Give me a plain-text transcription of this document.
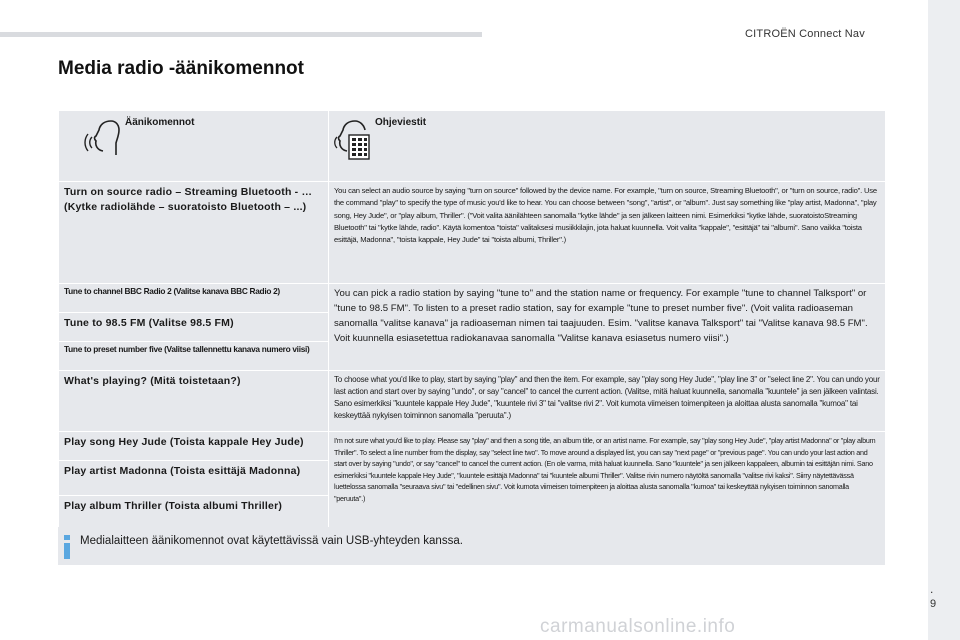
CITROËN Connect Nav
Media radio -äänikomennot
Äänikomennot	Ohjeviestit

Turn on source radio – Streaming Bluetooth - … (Kytke radiolähde – suoratoisto Bluetooth – ...)	You can select an audio source by saying "turn on source" followed by the device name. For example, "turn on source, Streaming Bluetooth", or "turn on source, radio". Use the command "play" to specify the type of music you'd like to hear. You can choose between "song", "artist", or "album". Just say something like "play artist, Madonna", "play song, Hey Jude", or "play album, Thriller". ("Voit valita äänilähteen sanomalla "kytke lähde" ja sen jälkeen laitteen nimi. Esimerkiksi "kytke lähde, suoratoistoStreaming Bluetooth" tai "kytke lähde, radio". Käytä komentoa "toista" valitaksesi musiikkilajin, jota haluat kuunnella. Voit valita "kappale", "esittäjä" tai "albumi". Sano vaikka "toista esittäjä, Madonna", "toista kappale, Hey Jude" tai "toista albumi, Thriller".)
Tune to channel BBC Radio 2 (Valitse kanava BBC Radio 2)	You can pick a radio station by saying "tune to" and the station name or frequency. For example "tune to channel Talksport" or "tune to 98.5 FM". To listen to a preset radio station, say for example "tune to preset number five". (Voit valita radioaseman sanomalla "valitse kanava" ja radioaseman nimen tai taajuuden. Esim. "valitse kanava Talksport" tai "Valitse kanava 98.5 FM". Voit kuunnella esiasetettua radiokanavaa sanomalla "Valitse kanava esiasetus numero viisi".)
Tune to 98.5 FM (Valitse 98.5 FM)	
Tune to preset number five (Valitse tallennettu kanava numero viisi)	
What's playing? (Mitä toistetaan?)	To choose what you'd like to play, start by saying "play" and then the item. For example, say "play song Hey Jude", "play line 3" or "select line 2". You can undo your last action and start over by saying "undo", or say "cancel" to cancel the current action. (Valitse, mitä haluat kuunnella, sanomalla "kuuntele" ja sen jälkeen valintasi. Sano esimerkiksi "kuuntele kappale Hey Jude", "kuuntele rivi 3" tai "valitse rivi 2". Voit kumota viimeisen toimenpiteen ja aloittaa alusta sanomalla "kumoa" tai keskeyttää nykyisen toiminnon sanomalla "peruuta".)
Play song Hey Jude (Toista kappale Hey Jude)	I'm not sure what you'd like to play. Please say "play" and then a song title, an album title, or an artist name. For example, say "play song Hey Jude", "play artist Madonna" or "play album Thriller". To select a line number from the display, say "select line two". To move around a displayed list, you can say "next page" or "previous page". You can undo your last action and start over by saying "undo", or say "cancel" to cancel the current action. (En ole varma, mitä haluat kuunnella. Sano "kuuntele" ja sen jälkeen kappaleen, albumin tai esittäjän nimi. Sano esimerkiksi "kuuntele kappale Hey Jude", "kuuntele esittäjä Madonna" tai "kuuntele albumi Thriller". Valitse rivin numero näytöltä sanomalla "valitse rivi kaksi". Siirry näytettävässä luettelossa sanomalla "seuraava sivu" tai "edellinen sivu". Voit kumota viimeisen toimenpiteen ja aloittaa alusta sanomalla "kumoa" tai keskeyttää nykyisen toiminnon sanomalla "peruuta".)
Play artist Madonna (Toista esittäjä Madonna)	
Play album Thriller (Toista albumi Thriller)	
Medialaitteen äänikomennot ovat käytettävissä vain USB-yhteyden kanssa.
.
9
carmanualsonline.info
